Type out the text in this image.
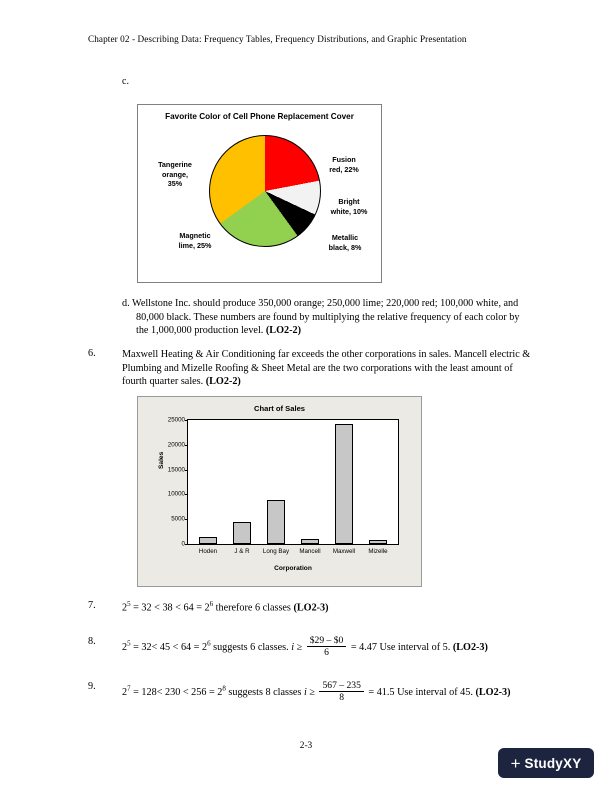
Chapter 02 - Describing Data: Frequency Tables, Frequency Distributions, and Graphic Presentation
c.
Favorite Color of Cell Phone Replacement Cover
Tangerine
orange,
35%
Fusion
red, 22%
Bright
white, 10%
Metallic
black, 8%
Magnetic
lime, 25%
d. Wellstone Inc. should produce 350,000 orange; 250,000 lime; 220,000 red; 100,000 white, and 80,000 black. These numbers are found by multiplying the relative frequency of each color by the 1,000,000 production level. (LO2-2)
6.	Maxwell Heating & Air Conditioning far exceeds the other corporations in sales. Mancell electric & Plumbing and Mizelle Roofing & Sheet Metal are the two corporations with the least amount of fourth quarter sales. (LO2-2)
Chart of Sales
Sales
0
5000
10000
15000
20000
25000
Hoden	J & R	Long Bay	Mancell	Maxwell	Mizelle
Corporation
7.	$2^5 = 32 < 38 < 64 = 2^6$ therefore 6 classes (LO2-3)
8.
$2^5 = 32< 45 < 64 = 2^6$ suggests 6 classes. $i \ge \frac{\$29 - \$0}{6} = 4.47$ Use interval of 5. (LO2-3)
9.
$2^7 = 128< 230 < 256 = 2^8$ suggests 8 classes $i \ge \frac{567 - 235}{8} = 41.5$ Use interval of 45. (LO2-3)
2-3
+ StudyXY
